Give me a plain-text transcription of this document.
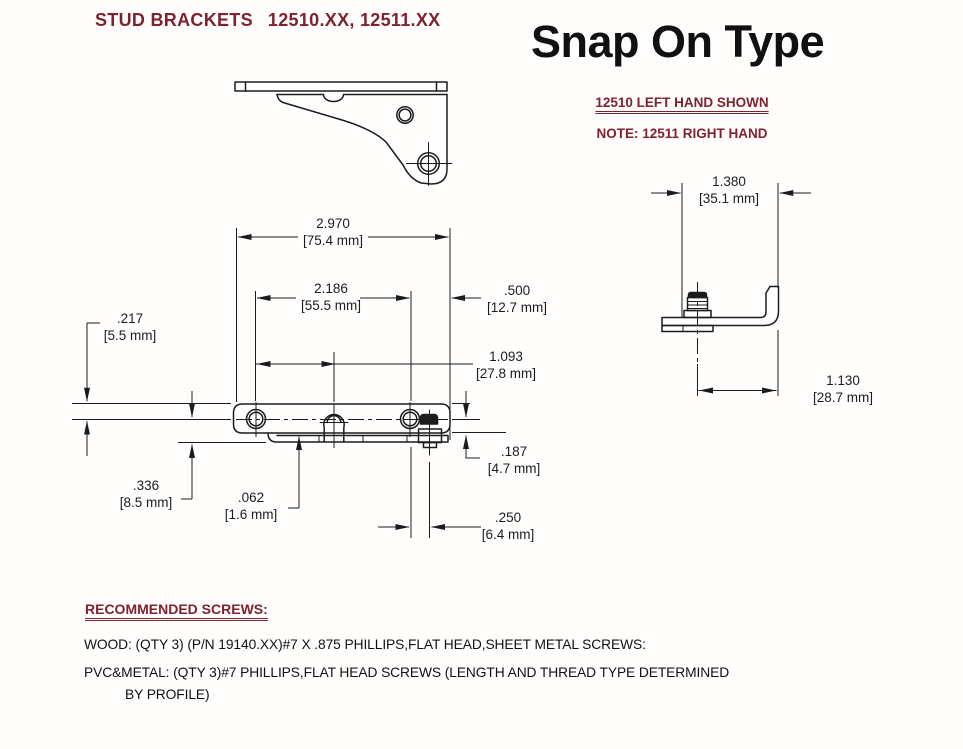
STUD BRACKETS 12510.XX, 12511.XX Snap On Type
12510 LEFT HAND SHOWN
NOTE: 12511 RIGHT HAND
2.970
[75.4 mm]
2.186
[55.5 mm]
.500
[12.7 mm]
.217
[5.5 mm]
1.093
[27.8 mm]
.187
[4.7 mm]
.336
[8.5 mm]	.062
[1.6 mm]	.250
[6.4 mm]
1.380
[35.1 mm]
1.130
[28.7 mm]
RECOMMENDED SCREWS:
WOOD: (QTY 3) (P/N 19140.XX)#7 X .875 PHILLIPS,FLAT HEAD,SHEET METAL SCREWS:
PVC&METAL: (QTY 3)#7 PHILLIPS,FLAT HEAD SCREWS (LENGTH AND THREAD TYPE DETERMINED
BY PROFILE)
